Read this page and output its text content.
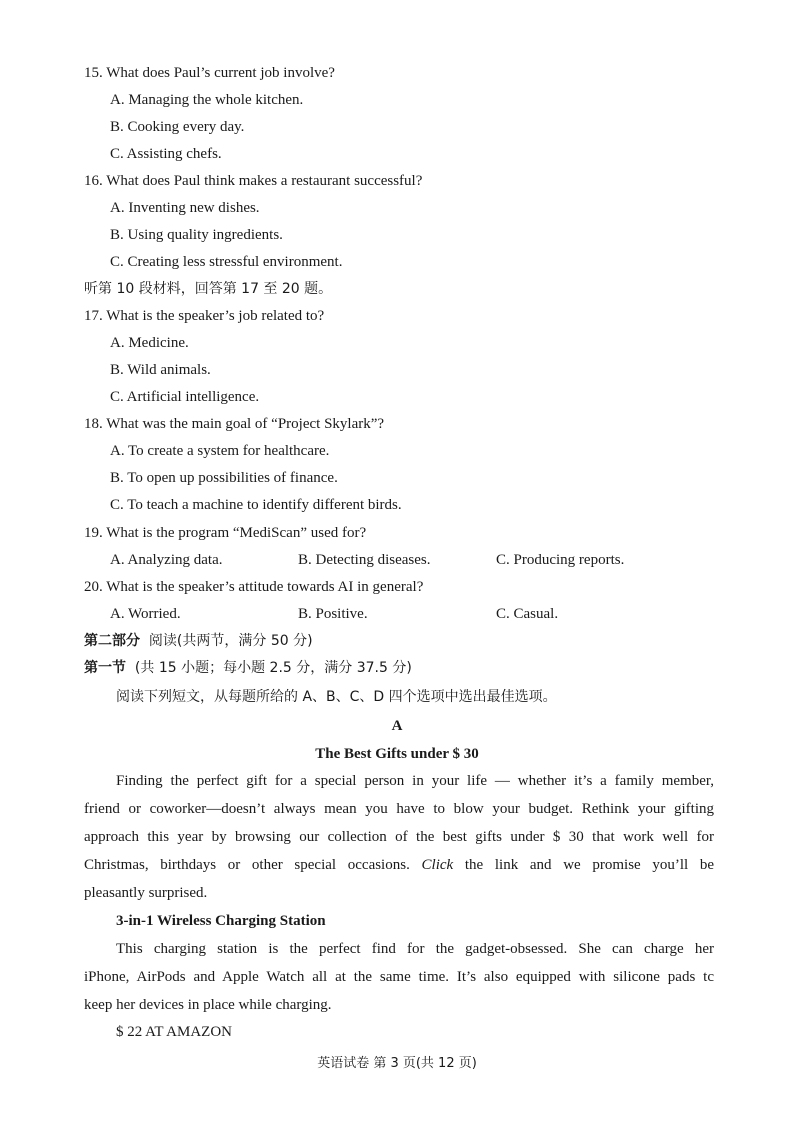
15. What does Paul’s current job involve?
A. Managing the whole kitchen.
B. Cooking every day.
C. Assisting chefs.
16. What does Paul think makes a restaurant successful?
A. Inventing new dishes.
B. Using quality ingredients.
C. Creating less stressful environment.
听第 10 段材料，回答第 17 至 20 题。
17. What is the speaker’s job related to?
A. Medicine.
B. Wild animals.
C. Artificial intelligence.
18. What was the main goal of “Project Skylark”?
A. To create a system for healthcare.
B. To open up possibilities of finance.
C. To teach a machine to identify different birds.
19. What is the program “MediScan” used for?
A. Analyzing data.	B. Detecting diseases.	C. Producing reports.
20. What is the speaker’s attitude towards AI in general?
A. Worried.	B. Positive.	C. Casual.
第二部分 阅读(共两节，满分 50 分)
第一节 (共 15 小题；每小题 2.5 分，满分 37.5 分)
阅读下列短文，从每题所给的 A、B、C、D 四个选项中选出最佳选项。
A
The Best Gifts under $ 30
Finding the perfect gift for a special person in your life — whether it’s a family member,
friend or coworker—doesn’t always mean you have to blow your budget. Rethink your gifting
approach this year by browsing our collection of the best gifts under $ 30 that work well for
Christmas, birthdays or other special occasions. Click the link and we promise you’ll be
pleasantly surprised.
3-in-1 Wireless Charging Station
This charging station is the perfect find for the gadget-obsessed. She can charge her
iPhone, AirPods and Apple Watch all at the same time. It’s also equipped with silicone pads tc
keep her devices in place while charging.
$ 22 AT AMAZON
英语试卷 第 3 页(共 12 页)
